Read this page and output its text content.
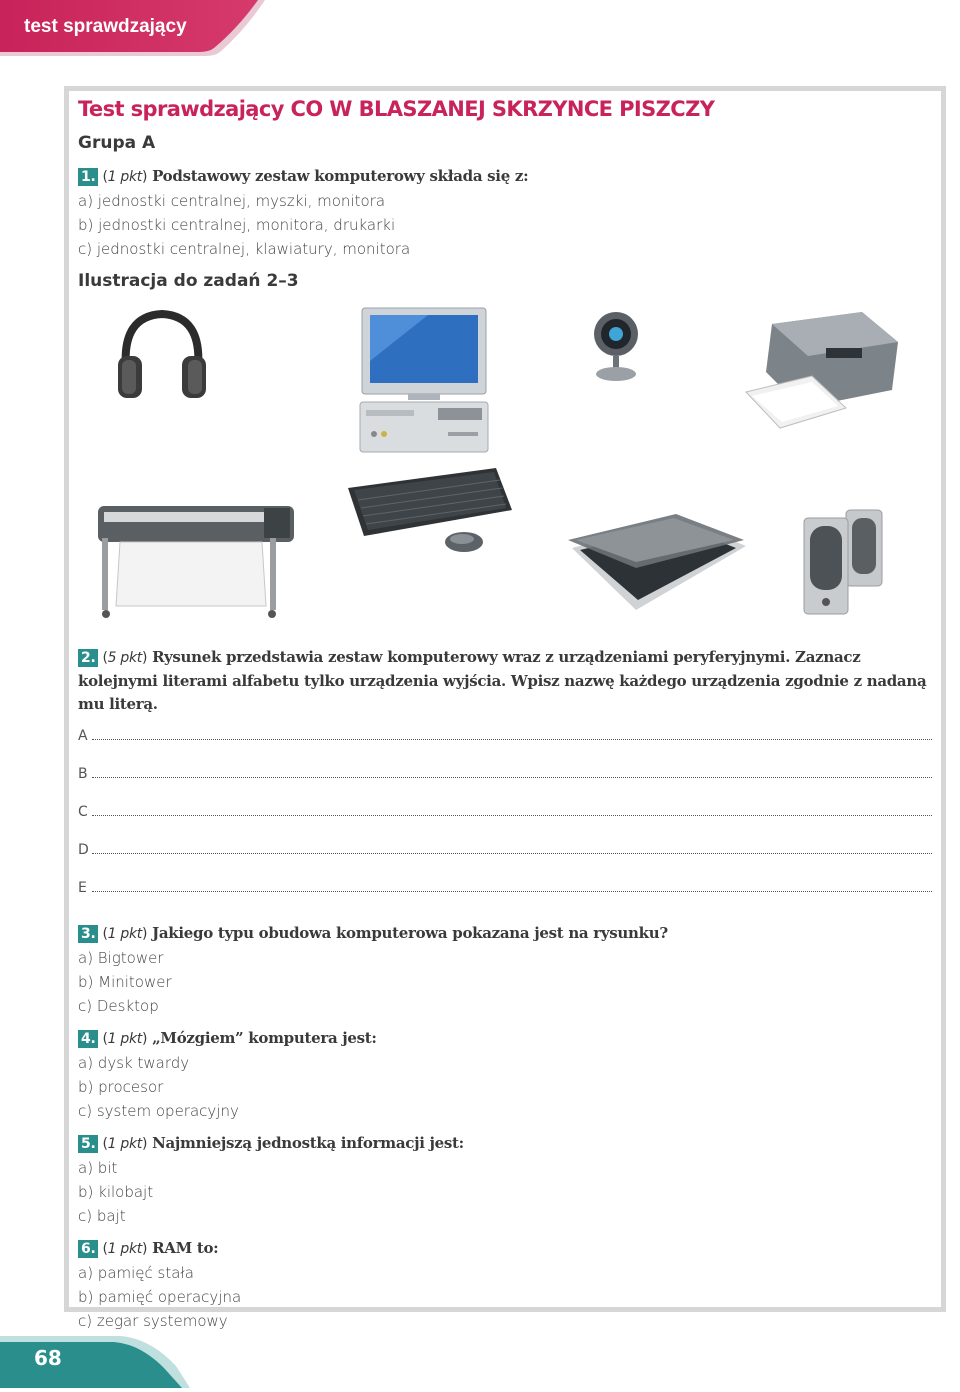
test sprawdzający
Test sprawdzający CO W BLASZANEJ SKRZYNCE PISZCZY
Grupa A
1. (1 pkt) Podstawowy zestaw komputerowy składa się z:
a) jednostki centralnej, myszki, monitora
b) jednostki centralnej, monitora, drukarki
c) jednostki centralnej, klawiatury, monitora
Ilustracja do zadań 2–3
2. (5 pkt) Rysunek przedstawia zestaw komputerowy wraz z urządzeniami peryferyjnymi. Zaznacz kolejnymi literami alfabetu tylko urządzenia wyjścia. Wpisz nazwę każdego urządzenia zgodnie z nadaną mu literą.
A
B
C
D
E
3. (1 pkt) Jakiego typu obudowa komputerowa pokazana jest na rysunku?
a) Bigtower
b) Minitower
c) Desktop
4. (1 pkt) „Mózgiem” komputera jest:
a) dysk twardy
b) procesor
c) system operacyjny
5. (1 pkt) Najmniejszą jednostką informacji jest:
a) bit
b) kilobajt
c) bajt
6. (1 pkt) RAM to:
a) pamięć stała
b) pamięć operacyjna
c) zegar systemowy
68
